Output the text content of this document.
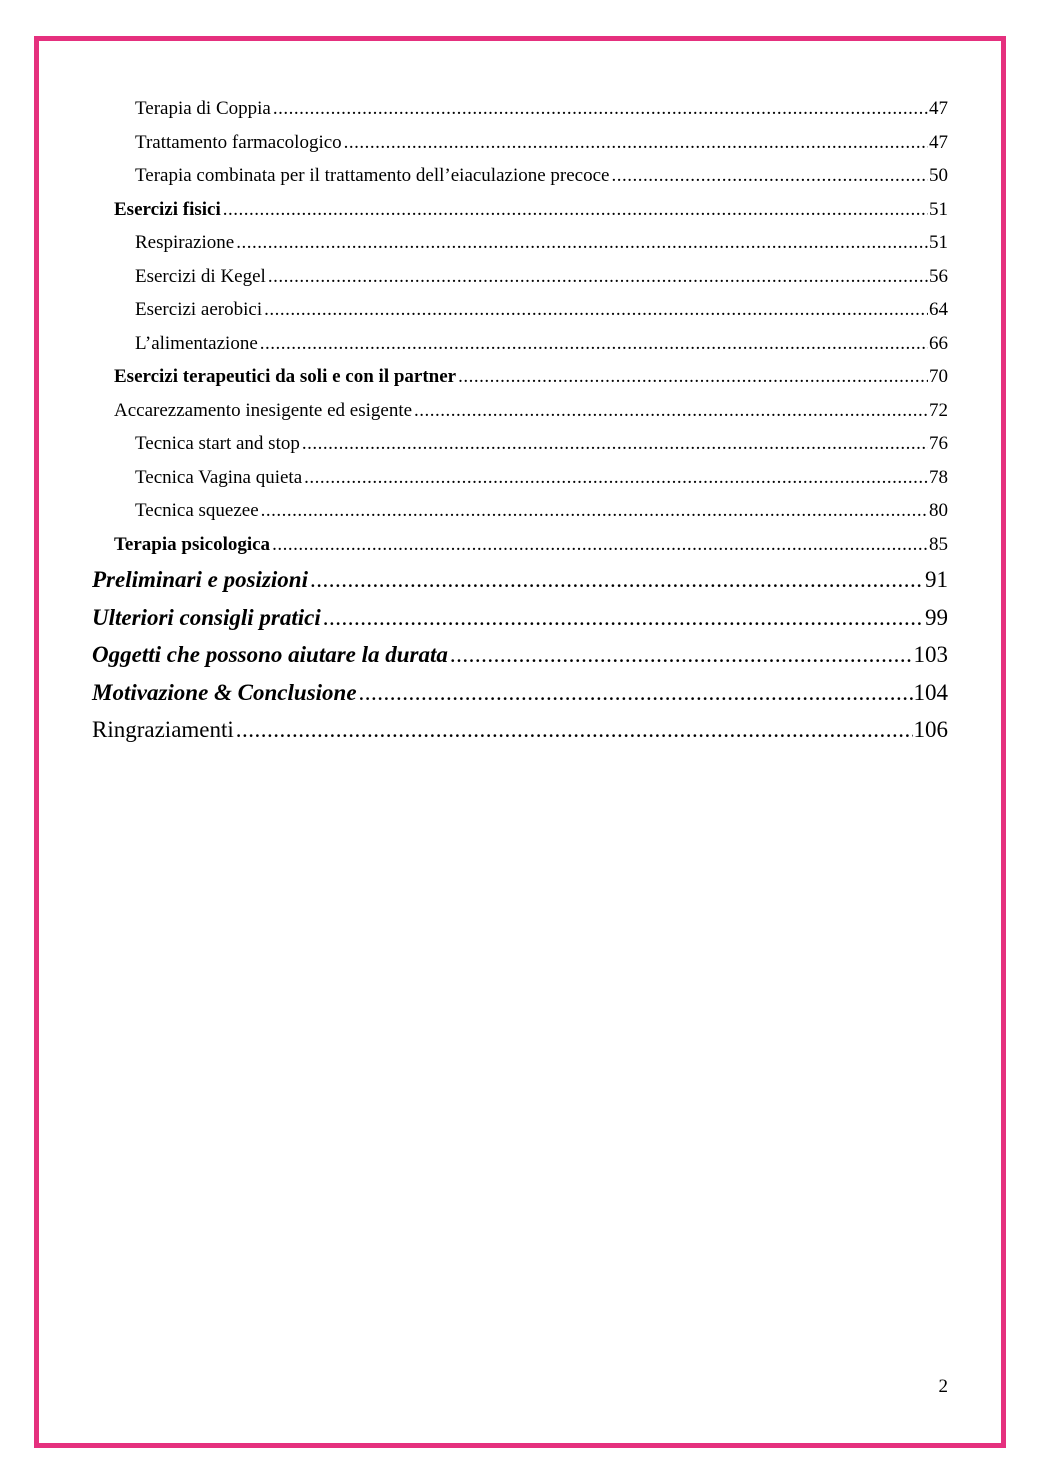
Terapia di Coppia .....	47
Trattamento farmacologico .....	47
Terapia combinata per il trattamento dell’eiaculazione precoce .....	50
Esercizi fisici .....	51
Respirazione .....	51
Esercizi di Kegel .....	56
Esercizi aerobici .....	64
L’alimentazione .....	66
Esercizi terapeutici da soli e con il partner .....	70
Accarezzamento inesigente ed esigente .....	72
Tecnica start and stop .....	76
Tecnica Vagina quieta .....	78
Tecnica squezee .....	80
Terapia psicologica .....	85
Preliminari e posizioni .....	91
Ulteriori consigli pratici .....	99
Oggetti che possono aiutare la durata .....	103
Motivazione & Conclusione .....	104
Ringraziamenti .....	106
2
